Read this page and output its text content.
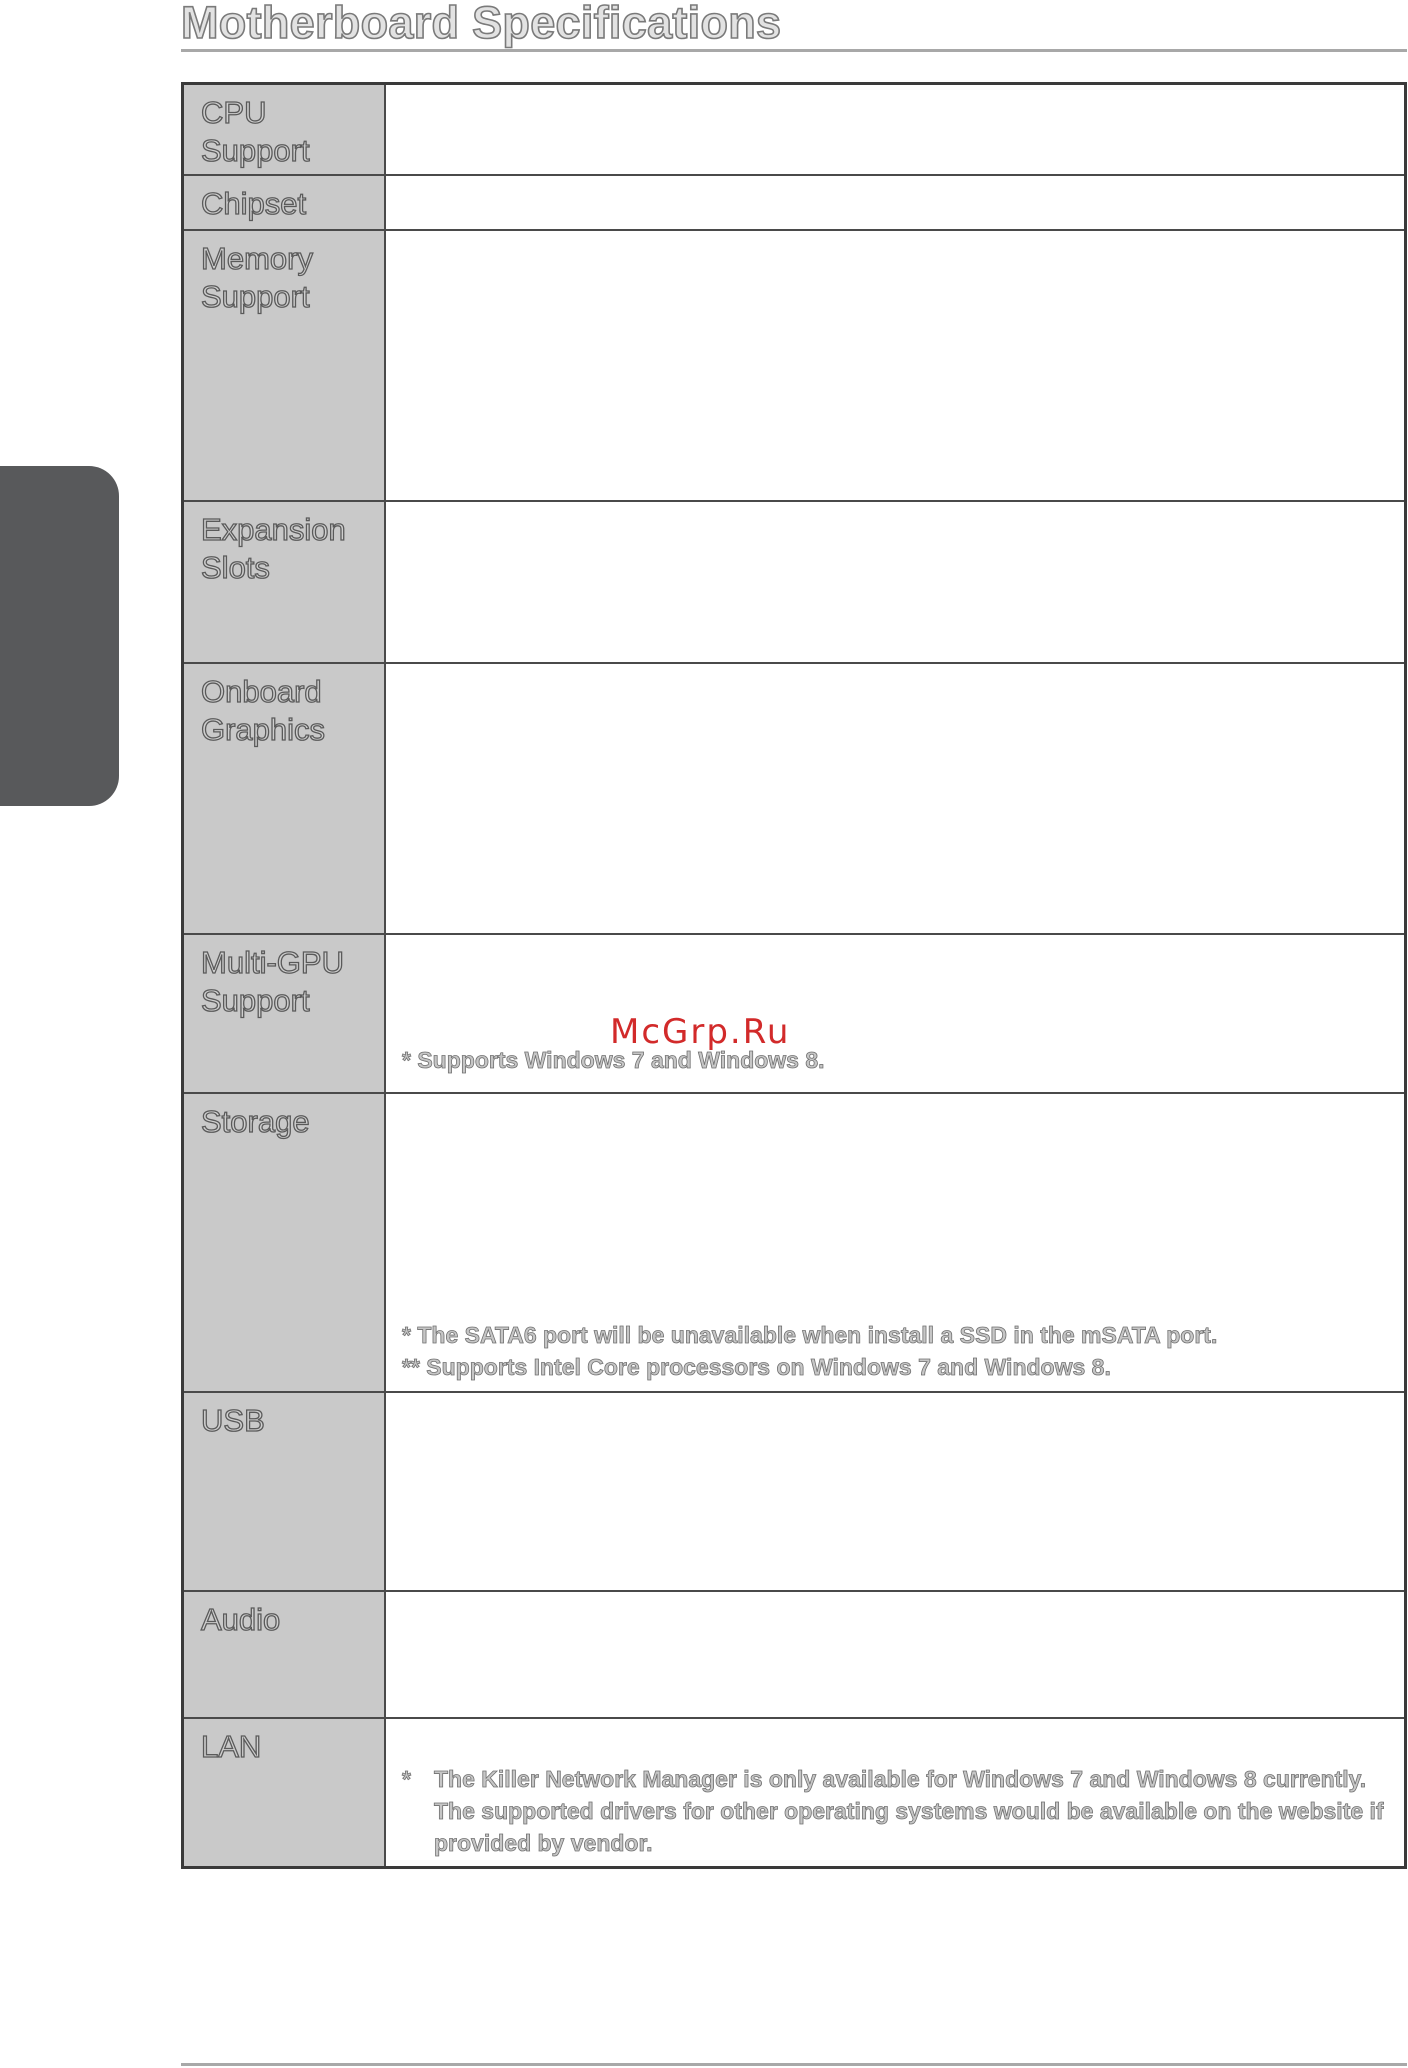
Motherboard Specifications
CPU
Support	

Chipset	

Memory
Support	

Expansion
Slots	

Onboard
Graphics	

Multi-GPU
Support	* Supports Windows 7 and Windows 8.

Storage	* The SATA6 port will be unavailable when install a SSD in the mSATA port.
** Supports Intel Core processors on Windows 7 and Windows 8.

USB	

Audio	

LAN	* The Killer Network Manager is only available for Windows 7 and Windows 8 currently. The supported drivers for other operating systems would be available on the website if provided by vendor.
McGrp.Ru
